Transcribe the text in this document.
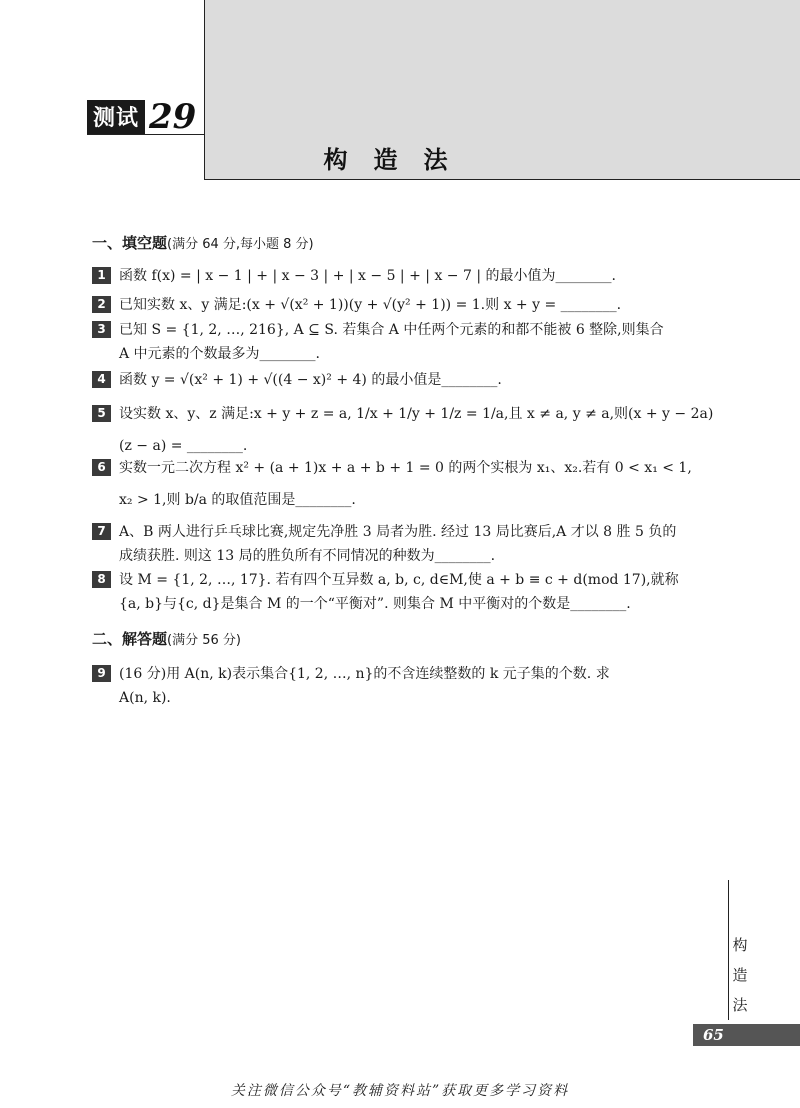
测试 29
构造法
一、填空题(满分 64 分,每小题 8 分)
1 函数 f(x) = | x − 1 | + | x − 3 | + | x − 5 | + | x − 7 | 的最小值为________.
2 已知实数 x、y 满足:(x + √(x² + 1))(y + √(y² + 1)) = 1.则 x + y = ________.
3 已知 S = {1, 2, …, 216}, A ⊆ S. 若集合 A 中任两个元素的和都不能被 6 整除,则集合
A 中元素的个数最多为________.
4 函数 y = √(x² + 1) + √((4 − x)² + 4) 的最小值是________.
5 设实数 x、y、z 满足:x + y + z = a, 1/x + 1/y + 1/z = 1/a,且 x ≠ a, y ≠ a,则(x + y − 2a)
(z − a) = ________.
6 实数一元二次方程 x² + (a + 1)x + a + b + 1 = 0 的两个实根为 x₁、x₂.若有 0 < x₁ < 1,
x₂ > 1,则 b/a 的取值范围是________.
7 A、B 两人进行乒乓球比赛,规定先净胜 3 局者为胜. 经过 13 局比赛后,A 才以 8 胜 5 负的
成绩获胜. 则这 13 局的胜负所有不同情况的种数为________.
8 设 M = {1, 2, …, 17}. 若有四个互异数 a, b, c, d∈M,使 a + b ≡ c + d(mod 17),就称
{a, b}与{c, d}是集合 M 的一个“平衡对”. 则集合 M 中平衡对的个数是________.
二、解答题(满分 56 分)
9 (16 分)用 A(n, k)表示集合{1, 2, …, n}的不含连续整数的 k 元子集的个数. 求
A(n, k).
构
造
法
65
关注微信公众号“教辅资料站”获取更多学习资料
